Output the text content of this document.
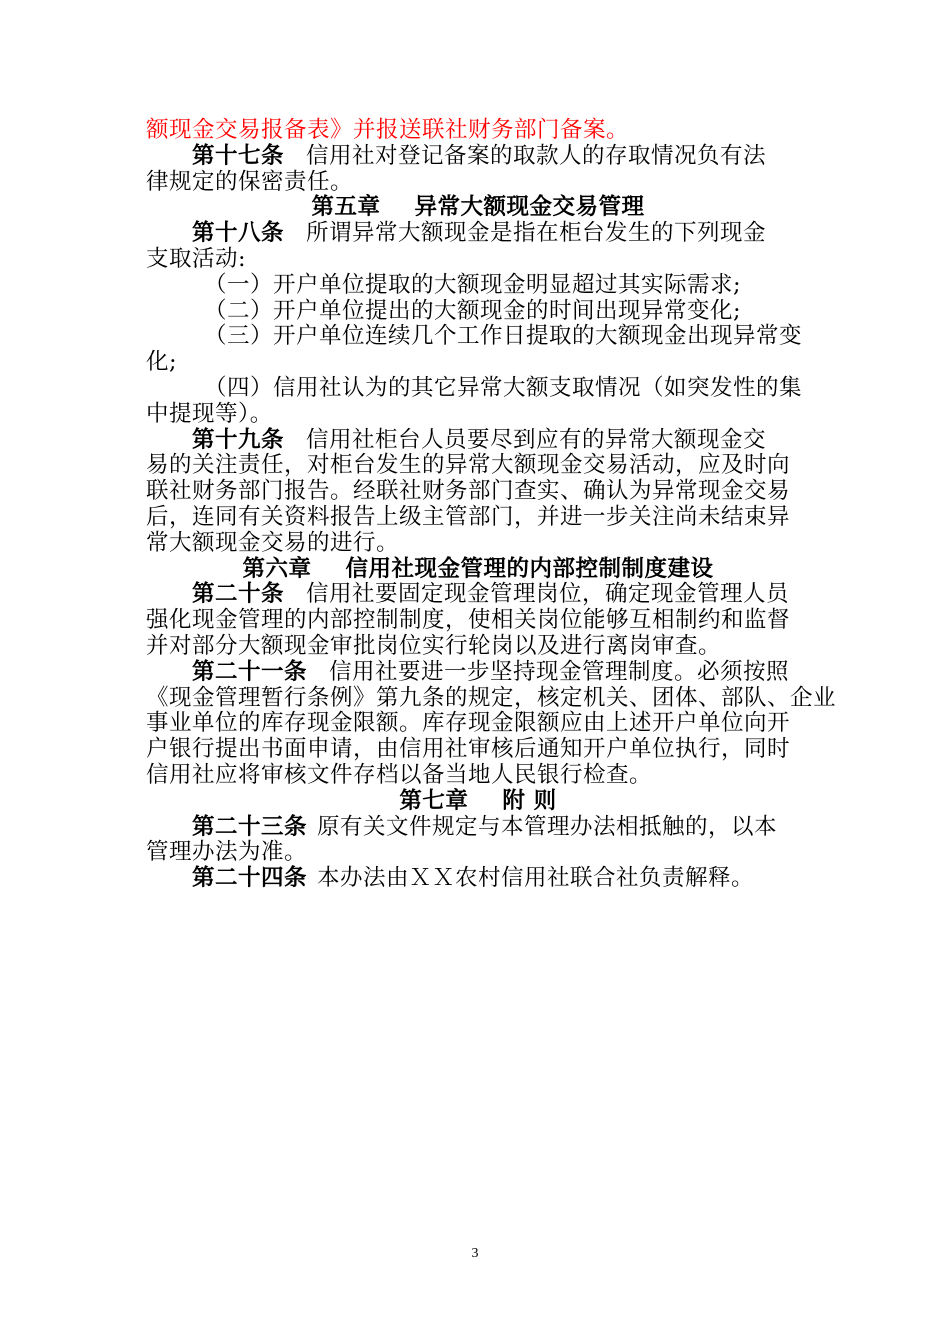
额现金交易报备表》并报送联社财务部门备案。
第十七条 信用社对登记备案的取款人的存取情况负有法
律规定的保密责任。
第五章 异常大额现金交易管理
第十八条 所谓异常大额现金是指在柜台发生的下列现金
支取活动:
（一）开户单位提取的大额现金明显超过其实际需求;
（二）开户单位提出的大额现金的时间出现异常变化;
（三）开户单位连续几个工作日提取的大额现金出现异常变
化;
（四）信用社认为的其它异常大额支取情况（如突发性的集
中提现等）。
第十九条 信用社柜台人员要尽到应有的异常大额现金交
易的关注责任，对柜台发生的异常大额现金交易活动，应及时向
联社财务部门报告。经联社财务部门查实、确认为异常现金交易
后，连同有关资料报告上级主管部门，并进一步关注尚未结束异
常大额现金交易的进行。
第六章 信用社现金管理的内部控制制度建设
第二十条 信用社要固定现金管理岗位，确定现金管理人员
强化现金管理的内部控制制度，使相关岗位能够互相制约和监督
并对部分大额现金审批岗位实行轮岗以及进行离岗审查。
第二十一条 信用社要进一步坚持现金管理制度。必须按照
《现金管理暂行条例》第九条的规定，核定机关、团体、部队、企业
事业单位的库存现金限额。库存现金限额应由上述开户单位向开
户银行提出书面申请，由信用社审核后通知开户单位执行，同时
信用社应将审核文件存档以备当地人民银行检查。
第七章 附 则
第二十三条 原有关文件规定与本管理办法相抵触的，以本
管理办法为准。
第二十四条 本办法由ＸＸ农村信用社联合社负责解释。
3
